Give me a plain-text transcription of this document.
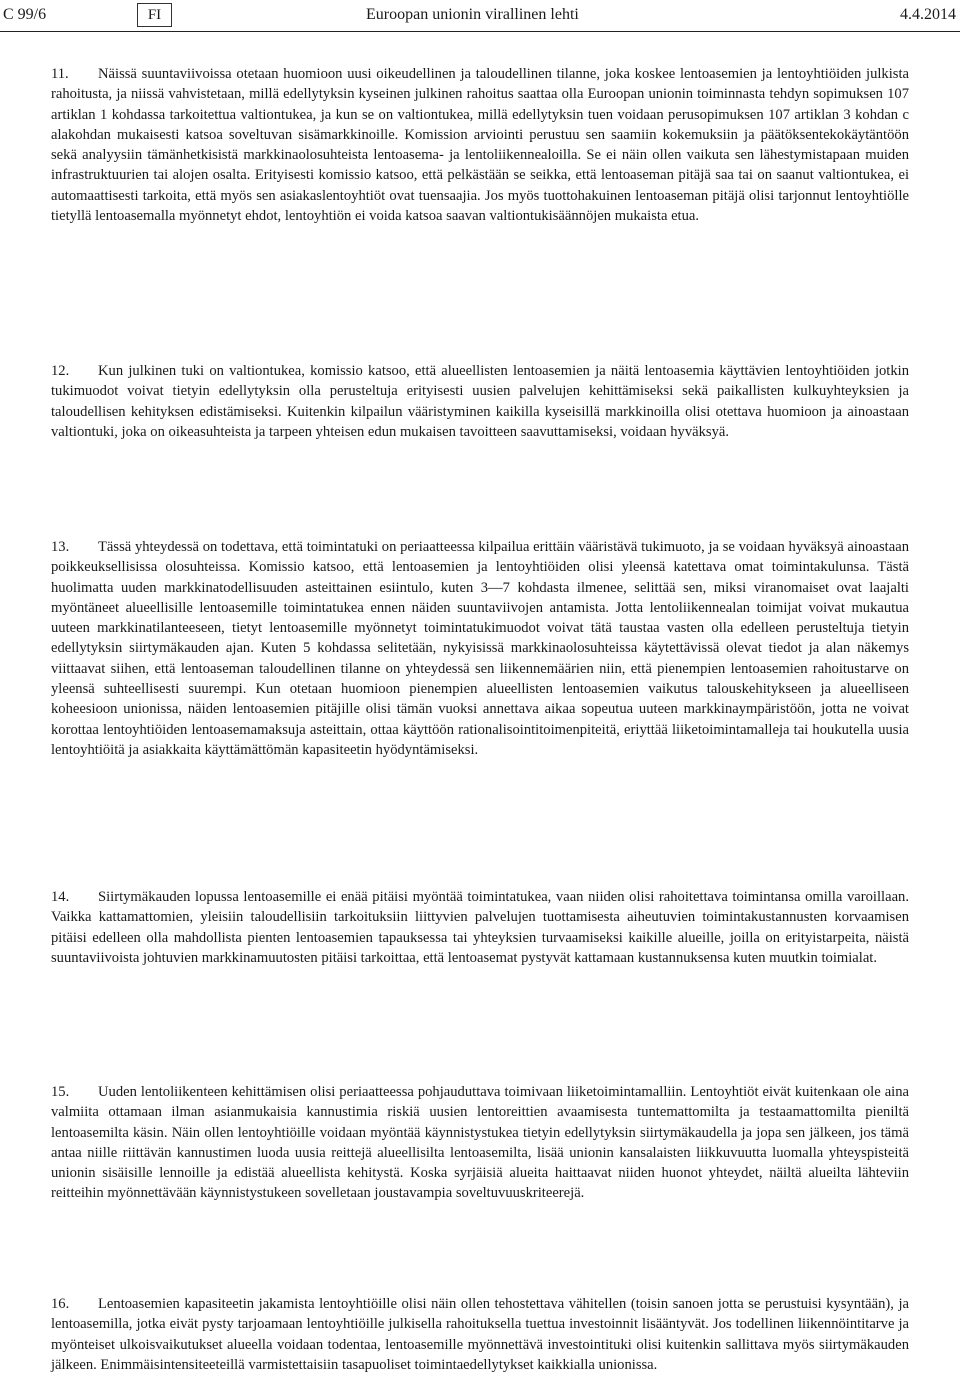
C 99/6	FI	Euroopan unionin virallinen lehti	4.4.2014
11. Näissä suuntaviivoissa otetaan huomioon uusi oikeudellinen ja taloudellinen tilanne, joka koskee lentoasemien ja lentoyhtiöiden julkista rahoitusta, ja niissä vahvistetaan, millä edellytyksin kyseinen julkinen rahoitus saattaa olla Euroopan unionin toiminnasta tehdyn sopimuksen 107 artiklan 1 kohdassa tarkoitettua valtiontukea, ja kun se on valtiontukea, millä edellytyksin tuen voidaan perusopimuksen 107 artiklan 3 kohdan c alakohdan mukaisesti katsoa soveltuvan sisämarkkinoille. Komission arviointi perustuu sen saamiin kokemuksiin ja päätöksentekokäytäntöön sekä analyysiin tämänhetkisistä markkinaolosuhteista lentoasema- ja lentoliikennealoilla. Se ei näin ollen vaikuta sen lähestymistapaan muiden infrastruktuurien tai alojen osalta. Erityisesti komissio katsoo, että pelkästään se seikka, että lentoaseman pitäjä saa tai on saanut valtiontukea, ei automaattisesti tarkoita, että myös sen asiakaslentoyhtiöt ovat tuensaajia. Jos myös tuottohakuinen lentoaseman pitäjä olisi tarjonnut lentoyhtiölle tietyllä lentoasemalla myönnetyt ehdot, lentoyhtiön ei voida katsoa saavan valtiontukisäännöjen mukaista etua.
12. Kun julkinen tuki on valtiontukea, komissio katsoo, että alueellisten lentoasemien ja näitä lentoasemia käyttävien lentoyhtiöiden jotkin tukimuodot voivat tietyin edellytyksin olla perusteltuja erityisesti uusien palvelujen kehittämiseksi sekä paikallisten kulkuyhteyksien ja taloudellisen kehityksen edistämiseksi. Kuitenkin kilpailun vääristyminen kaikilla kyseisillä markkinoilla olisi otettava huomioon ja ainoastaan valtiontuki, joka on oikeasuhteista ja tarpeen yhteisen edun mukaisen tavoitteen saavuttamiseksi, voidaan hyväksyä.
13. Tässä yhteydessä on todettava, että toimintatuki on periaatteessa kilpailua erittäin vääristävä tukimuoto, ja se voidaan hyväksyä ainoastaan poikkeuksellisissa olosuhteissa. Komissio katsoo, että lentoasemien ja lentoyhtiöiden olisi yleensä katettava omat toimintakulunsa. Tästä huolimatta uuden markkinatodellisuuden asteittainen esiintulo, kuten 3—7 kohdasta ilmenee, selittää sen, miksi viranomaiset ovat laajalti myöntäneet alueellisille lentoasemille toimintatukea ennen näiden suuntaviivojen antamista. Jotta lentoliikennealan toimijat voivat mukautua uuteen markkinatilanteeseen, tietyt lentoasemille myönnetyt toimintatukimuodot voivat tätä taustaa vasten olla edelleen perusteltuja tietyin edellytyksin siirtymäkauden ajan. Kuten 5 kohdassa selitetään, nykyisissä markkinaolosuhteissa käytettävissä olevat tiedot ja alan näkemys viittaavat siihen, että lentoaseman taloudellinen tilanne on yhteydessä sen liikennemäärien niin, että pienempien lentoasemien rahoitustarve on yleensä suhteellisesti suurempi. Kun otetaan huomioon pienempien alueellisten lentoasemien vaikutus talouskehitykseen ja alueelliseen koheesioon unionissa, näiden lentoasemien pitäjille olisi tämän vuoksi annettava aikaa sopeutua uuteen markkinaympäristöön, jotta ne voivat korottaa lentoyhtiöiden lentoasemamaksuja asteittain, ottaa käyttöön rationalisointitoimenpiteitä, eriyttää liiketoimintamalleja tai houkutella uusia lentoyhtiöitä ja asiakkaita käyttämättömän kapasiteetin hyödyntämiseksi.
14. Siirtymäkauden lopussa lentoasemille ei enää pitäisi myöntää toimintatukea, vaan niiden olisi rahoitettava toimintansa omilla varoillaan. Vaikka kattamattomien, yleisiin taloudellisiin tarkoituksiin liittyvien palvelujen tuottamisesta aiheutuvien toimintakustannusten korvaamisen pitäisi edelleen olla mahdollista pienten lentoasemien tapauksessa tai yhteyksien turvaamiseksi kaikille alueille, joilla on erityistarpeita, näistä suuntaviivoista johtuvien markkinamuutosten pitäisi tarkoittaa, että lentoasemat pystyvät kattamaan kustannuksensa kuten muutkin toimialat.
15. Uuden lentoliikenteen kehittämisen olisi periaatteessa pohjauduttava toimivaan liiketoimintamalliin. Lentoyhtiöt eivät kuitenkaan ole aina valmiita ottamaan ilman asianmukaisia kannustimia riskiä uusien lentoreittien avaamisesta tuntemattomilta ja testaamattomilta pieniltä lentoasemilta käsin. Näin ollen lentoyhtiöille voidaan myöntää käynnistystukea tietyin edellytyksin siirtymäkaudella ja jopa sen jälkeen, jos tämä antaa niille riittävän kannustimen luoda uusia reittejä alueellisilta lentoasemilta, lisää unionin kansalaisten liikkuvuutta luomalla yhteyspisteitä unionin sisäisille lennoille ja edistää alueellista kehitystä. Koska syrjäisiä alueita haittaavat niiden huonot yhteydet, näiltä alueilta lähteviin reitteihin myönnettävään käynnistystukeen sovelletaan joustavampia soveltuvuuskriteerejä.
16. Lentoasemien kapasiteetin jakamista lentoyhtiöille olisi näin ollen tehostettava vähitellen (toisin sanoen jotta se perustuisi kysyntään), ja lentoasemilla, jotka eivät pysty tarjoamaan lentoyhtiöille julkisella rahoituksella tuettua investoinnit lisääntyvät. Jos todellinen liikennöintitarve ja myönteiset ulkoisvaikutukset alueella voidaan todentaa, lentoasemille myönnettävä investointituki olisi kuitenkin sallittava myös siirtymäkauden jälkeen. Enimmäisintensiteeteillä varmistettaisiin tasapuoliset toimintaedellytykset kaikkialla unionissa.
